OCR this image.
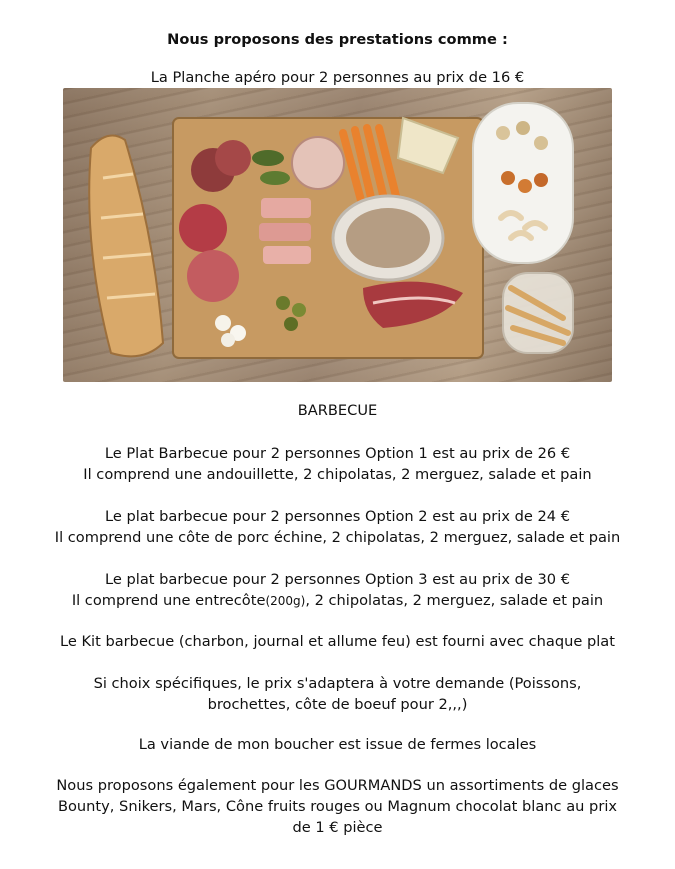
Nous proposons des prestations comme :
La Planche apéro pour 2 personnes au prix de 16 €
BARBECUE
Le Plat Barbecue pour 2 personnes Option 1 est au prix de 26 €
Il comprend une andouillette, 2 chipolatas, 2 merguez, salade et pain
Le plat barbecue pour 2 personnes Option 2 est au prix de 24 €
Il comprend une côte de porc échine, 2 chipolatas, 2 merguez, salade et pain
Le plat barbecue pour 2 personnes Option 3 est au prix de 30 €
Il comprend une entrecôte(200g), 2 chipolatas, 2 merguez, salade et pain
Le Kit barbecue (charbon, journal et allume feu) est fourni avec chaque plat
Si choix spécifiques, le prix s'adaptera à votre demande (Poissons,
brochettes, côte de boeuf pour 2,,,)
La viande de mon boucher est issue de fermes locales
Nous proposons également pour les GOURMANDS un assortiments de glaces
Bounty, Snikers, Mars, Cône fruits rouges ou Magnum chocolat blanc au prix
de 1 € pièce
